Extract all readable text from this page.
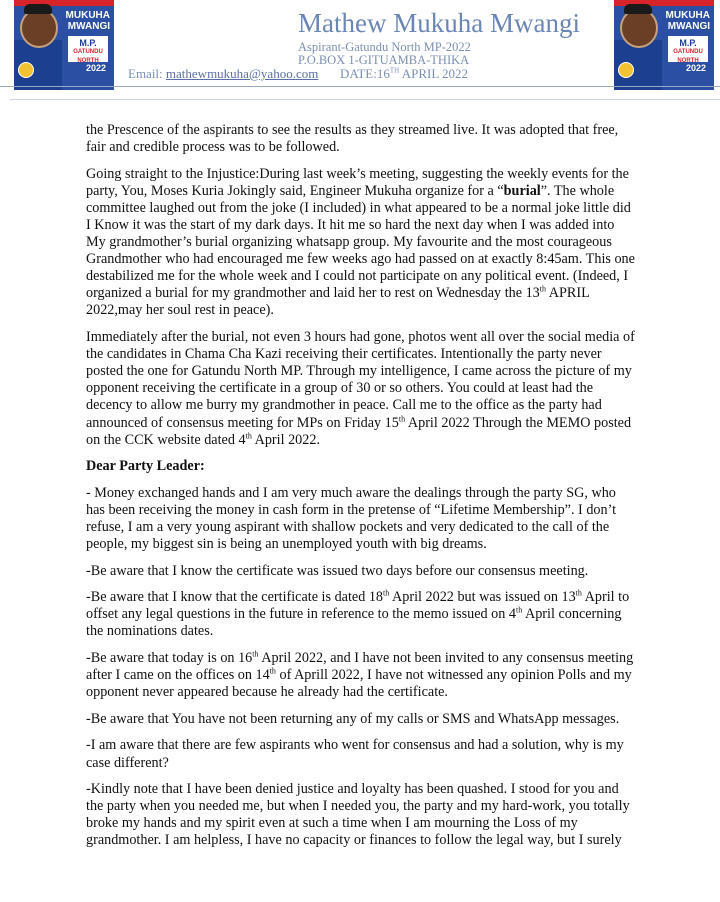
MUKUHA
MWANGI
M.P.
GATUNDU NORTH
2022
Mathew Mukuha Mwangi
Aspirant-Gatundu North MP-2022
P.O.BOX 1-GITUAMBA-THIKA
Email: mathewmukuha@yahoo.com DATE:16TH APRIL 2022
MUKUHA
MWANGI
M.P.
GATUNDU NORTH
2022

the Prescence of the aspirants to see the results as they streamed live. It was adopted that free, fair and credible process was to be followed.

Going straight to the Injustice:During last week’s meeting, suggesting the weekly events for the party, You, Moses Kuria Jokingly said, Engineer Mukuha organize for a “burial”. The whole committee laughed out from the joke (I included) in what appeared to be a normal joke little did I Know it was the start of my dark days. It hit me so hard the next day when I was added into My grandmother’s burial organizing whatsapp group. My favourite and the most courageous Grandmother who had encouraged me few weeks ago had passed on at exactly 8:45am. This one destabilized me for the whole week and I could not participate on any political event. (Indeed, I organized a burial for my grandmother and laid her to rest on Wednesday the 13th APRIL 2022,may her soul rest in peace).

Immediately after the burial, not even 3 hours had gone, photos went all over the social media of the candidates in Chama Cha Kazi receiving their certificates. Intentionally the party never posted the one for Gatundu North MP. Through my intelligence, I came across the picture of my opponent receiving the certificate in a group of 30 or so others. You could at least had the decency to allow me burry my grandmother in peace. Call me to the office as the party had announced of consensus meeting for MPs on Friday 15th April 2022 Through the MEMO posted on the CCK website dated 4th April 2022.

Dear Party Leader:

- Money exchanged hands and I am very much aware the dealings through the party SG, who has been receiving the money in cash form in the pretense of “Lifetime Membership”. I don’t refuse, I am a very young aspirant with shallow pockets and very dedicated to the call of the people, my biggest sin is being an unemployed youth with big dreams.

-Be aware that I know the certificate was issued two days before our consensus meeting.

-Be aware that I know that the certificate is dated 18th April 2022 but was issued on 13th April to offset any legal questions in the future in reference to the memo issued on 4th April concerning the nominations dates.

-Be aware that today is on 16th April 2022, and I have not been invited to any consensus meeting after I came on the offices on 14th of Aprill 2022, I have not witnessed any opinion Polls and my opponent never appeared because he already had the certificate.

-Be aware that You have not been returning any of my calls or SMS and WhatsApp messages.

-I am aware that there are few aspirants who went for consensus and had a solution, why is my case different?

-Kindly note that I have been denied justice and loyalty has been quashed. I stood for you and the party when you needed me, but when I needed you, the party and my hard-work, you totally broke my hands and my spirit even at such a time when I am mourning the Loss of my grandmother. I am helpless, I have no capacity or finances to follow the legal way, but I surely
